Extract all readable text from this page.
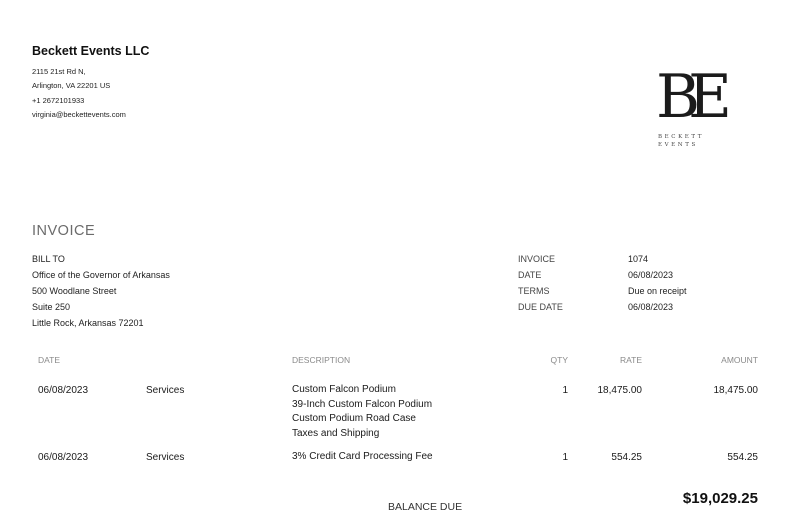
Beckett Events LLC
2115 21st Rd N,
Arlington, VA 22201 US
+1 2672101933
virginia@beckettevents.com	BE
BECKETT
EVENTS
INVOICE
BILL TO
Office of the Governor of Arkansas
500 Woodlane Street
Suite 250
Little Rock, Arkansas 72201
INVOICE	1074
DATE	06/08/2023
TERMS	Due on receipt
DUE DATE	06/08/2023
DATE	DESCRIPTION	QTY	RATE	AMOUNT
06/08/2023	Services	Custom Falcon Podium
39-Inch Custom Falcon Podium
Custom Podium Road Case
Taxes and Shipping
1	18,475.00	18,475.00
06/08/2023	Services	3% Credit Card Processing Fee	1	554.25	554.25
BALANCE DUE	$19,029.25
